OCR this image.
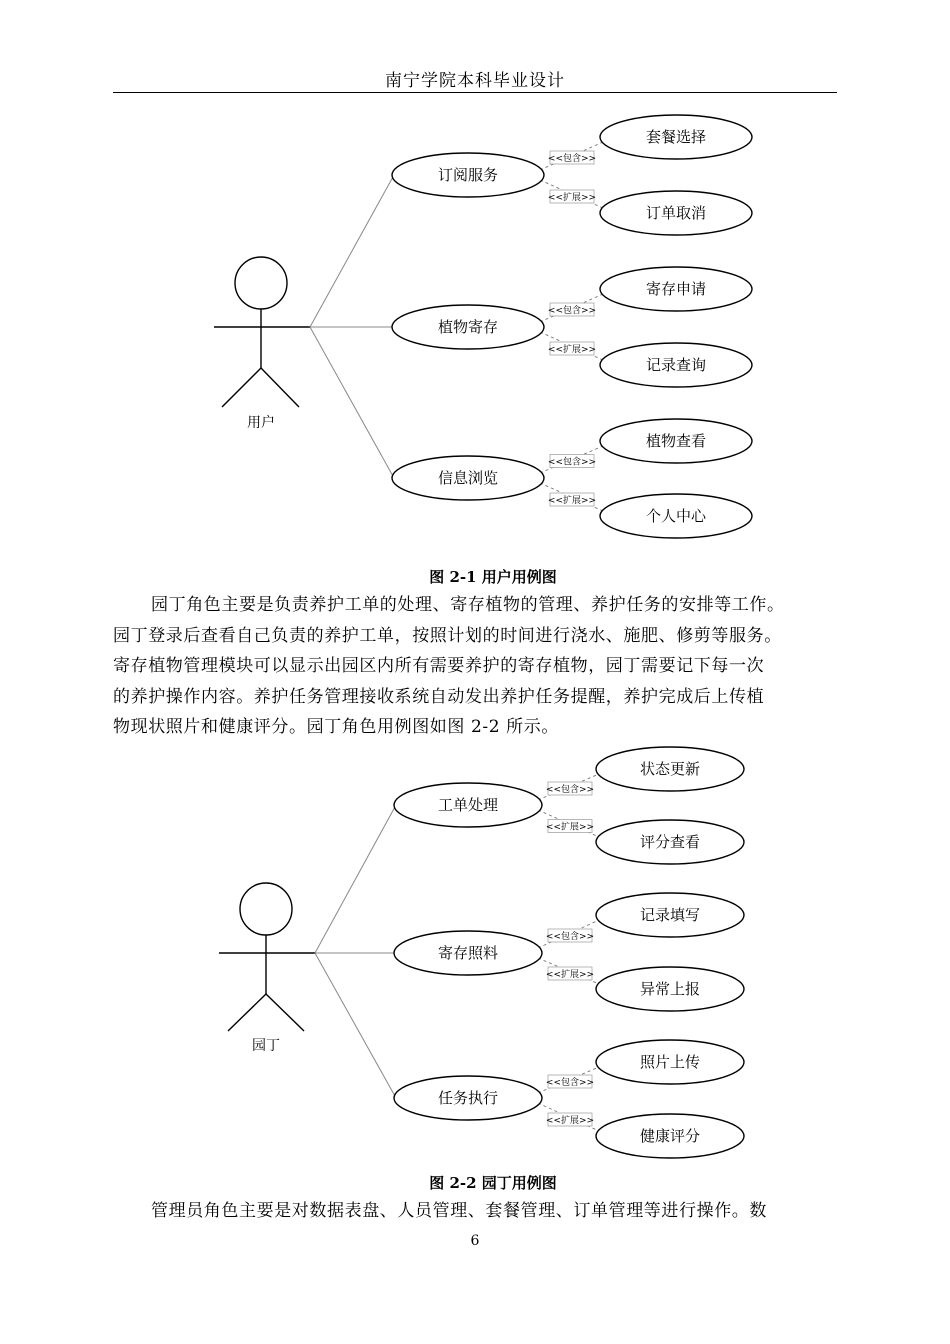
南宁学院本科毕业设计
用户
订阅服务
<<包含>>
<<扩展>>
套餐选择
订单取消
植物寄存
<<包含>>
<<扩展>>
寄存申请
记录查询
信息浏览
<<包含>>
<<扩展>>
植物查看
个人中心
图 2-1 用户用例图
园丁角色主要是负责养护工单的处理、寄存植物的管理、养护任务的安排等工作。
园丁登录后查看自己负责的养护工单，按照计划的时间进行浇水、施肥、修剪等服务。
寄存植物管理模块可以显示出园区内所有需要养护的寄存植物，园丁需要记下每一次
的养护操作内容。养护任务管理接收系统自动发出养护任务提醒，养护完成后上传植
物现状照片和健康评分。园丁角色用例图如图 2-2 所示。
园丁
工单处理
<<包含>>
<<扩展>>
状态更新
评分查看
寄存照料
<<包含>>
<<扩展>>
记录填写
异常上报
任务执行
<<包含>>
<<扩展>>
照片上传
健康评分
图 2-2 园丁用例图
管理员角色主要是对数据表盘、人员管理、套餐管理、订单管理等进行操作。数
6
